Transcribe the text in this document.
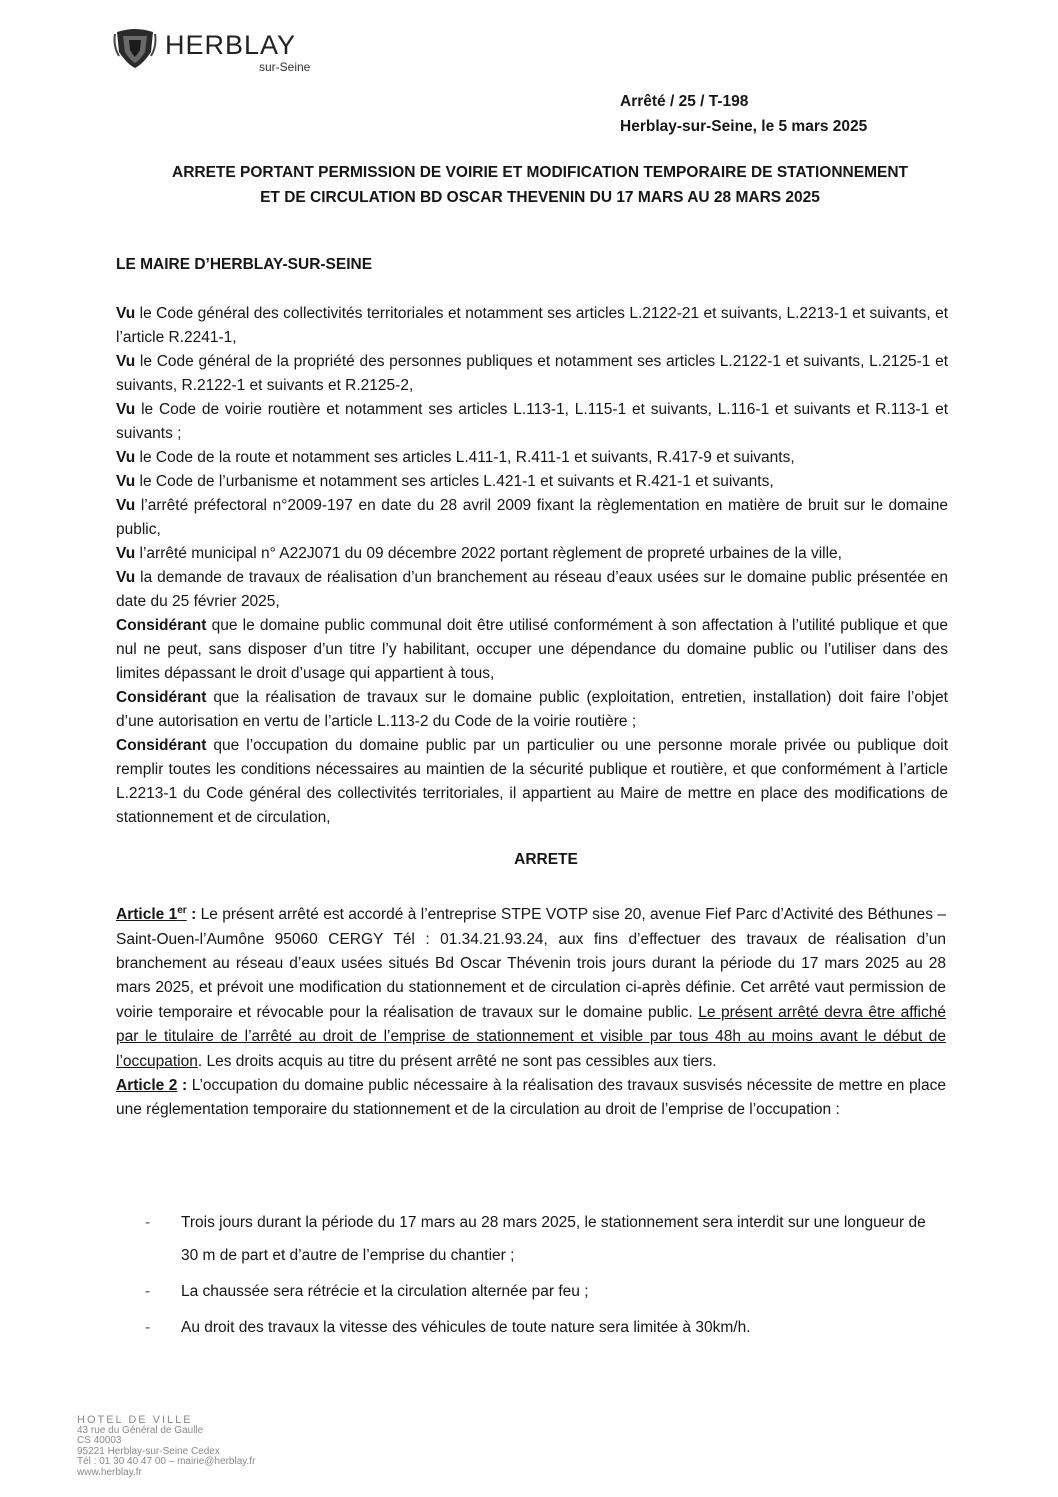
HERBLAY
sur-Seine
Arrêté / 25 / T-198
Herblay-sur-Seine, le 5 mars 2025
ARRETE PORTANT PERMISSION DE VOIRIE ET MODIFICATION TEMPORAIRE DE STATIONNEMENT
ET DE CIRCULATION BD OSCAR THEVENIN DU 17 MARS AU 28 MARS 2025
LE MAIRE D’HERBLAY-SUR-SEINE

Vu le Code général des collectivités territoriales et notamment ses articles L.2122-21 et suivants, L.2213-1 et suivants, et l’article R.2241-1,

Vu le Code général de la propriété des personnes publiques et notamment ses articles L.2122-1 et suivants, L.2125-1 et suivants, R.2122-1 et suivants et R.2125-2,

Vu le Code de voirie routière et notamment ses articles L.113-1, L.115-1 et suivants, L.116-1 et suivants et R.113-1 et suivants ;

Vu le Code de la route et notamment ses articles L.411-1, R.411-1 et suivants, R.417-9 et suivants,

Vu le Code de l’urbanisme et notamment ses articles L.421-1 et suivants et R.421-1 et suivants,

Vu l’arrêté préfectoral n°2009-197 en date du 28 avril 2009 fixant la règlementation en matière de bruit sur le domaine public,

Vu l’arrêté municipal n° A22J071 du 09 décembre 2022 portant règlement de propreté urbaines de la ville,

Vu la demande de travaux de réalisation d’un branchement au réseau d’eaux usées sur le domaine public présentée en date du 25 février 2025,

Considérant que le domaine public communal doit être utilisé conformément à son affectation à l’utilité publique et que nul ne peut, sans disposer d’un titre l’y habilitant, occuper une dépendance du domaine public ou l’utiliser dans des limites dépassant le droit d’usage qui appartient à tous,

Considérant que la réalisation de travaux sur le domaine public (exploitation, entretien, installation) doit faire l’objet d’une autorisation en vertu de l’article L.113-2 du Code de la voirie routière ;

Considérant que l’occupation du domaine public par un particulier ou une personne morale privée ou publique doit remplir toutes les conditions nécessaires au maintien de la sécurité publique et routière, et que conformément à l’article L.2213-1 du Code général des collectivités territoriales, il appartient au Maire de mettre en place des modifications de stationnement et de circulation,

ARRETE

Article 1er : Le présent arrêté est accordé à l’entreprise STPE VOTP sise 20, avenue Fief Parc d’Activité des Béthunes – Saint-Ouen-l’Aumône 95060 CERGY Tél : 01.34.21.93.24, aux fins d’effectuer des travaux de réalisation d’un branchement au réseau d’eaux usées situés Bd Oscar Thévenin trois jours durant la période du 17 mars 2025 au 28 mars 2025, et prévoit une modification du stationnement et de circulation ci-après définie. Cet arrêté vaut permission de voirie temporaire et révocable pour la réalisation de travaux sur le domaine public. Le présent arrêté devra être affiché par le titulaire de l’arrêté au droit de l’emprise de stationnement et visible par tous 48h au moins avant le début de l’occupation. Les droits acquis au titre du présent arrêté ne sont pas cessibles aux tiers.

Article 2 : L’occupation du domaine public nécessaire à la réalisation des travaux susvisés nécessite de mettre en place une réglementation temporaire du stationnement et de la circulation au droit de l’emprise de l’occupation :

- Trois jours durant la période du 17 mars au 28 mars 2025, le stationnement sera interdit sur une longueur de 30 m de part et d’autre de l’emprise du chantier ;
- La chaussée sera rétrécie et la circulation alternée par feu ;
- Au droit des travaux la vitesse des véhicules de toute nature sera limitée à 30km/h.
HOTEL DE VILLE
43 rue du Général de Gaulle
CS 40003
95221 Herblay-sur-Seine Cedex
Tél : 01 30 40 47 00 – mairie@herblay.fr
www.herblay.fr
